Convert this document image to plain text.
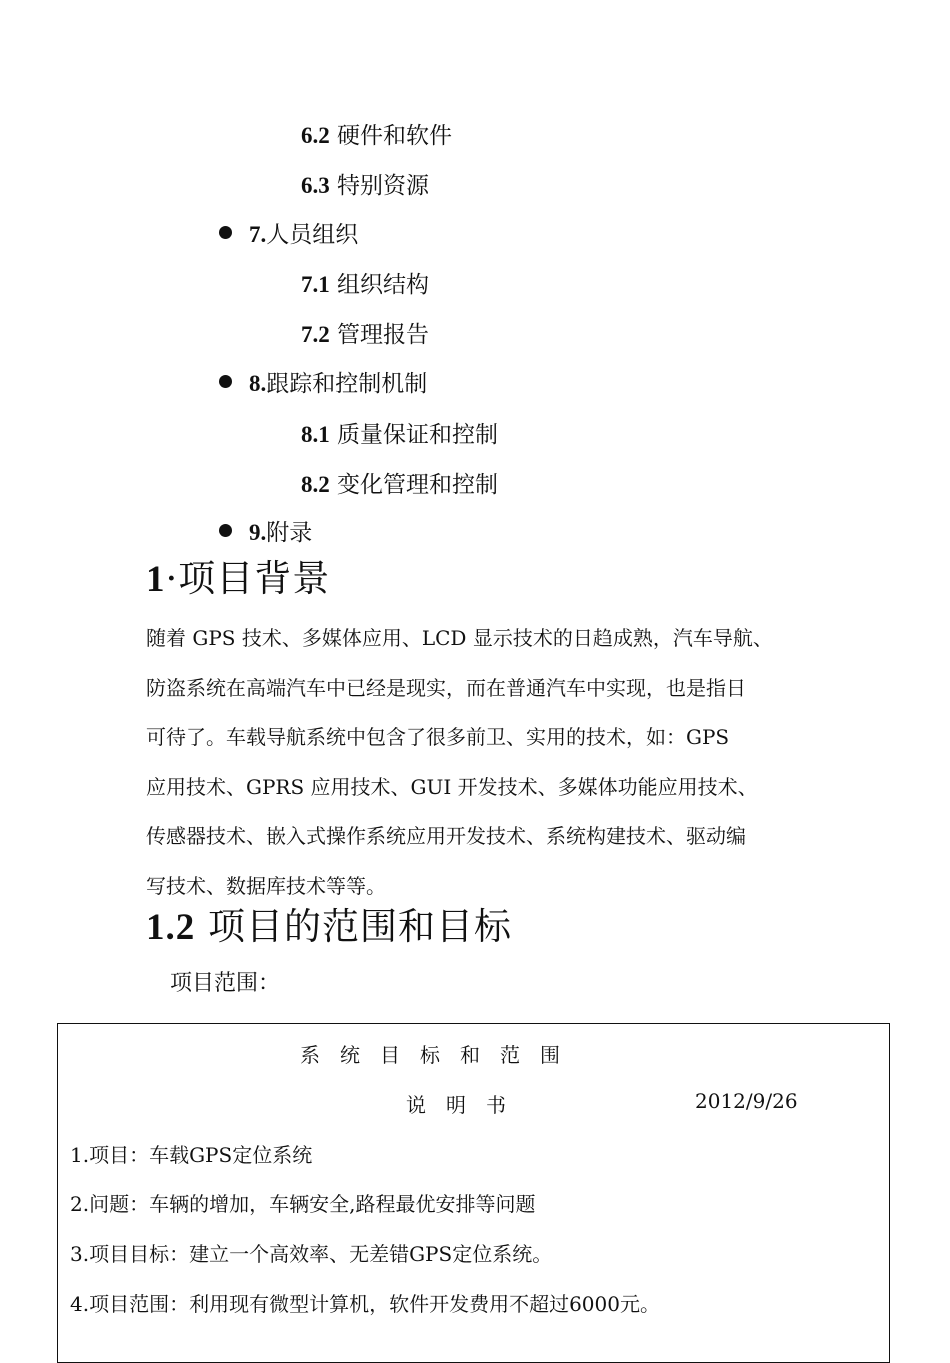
6.2 硬件和软件
6.3 特别资源
7.人员组织
7.1 组织结构
7.2 管理报告
8.跟踪和控制机制
8.1 质量保证和控制
8.2 变化管理和控制
9.附录
1·项目背景
随着 GPS 技术、多媒体应用、LCD 显示技术的日趋成熟，汽车导航、
防盗系统在高端汽车中已经是现实，而在普通汽车中实现，也是指日
可待了。车载导航系统中包含了很多前卫、实用的技术，如：GPS
应用技术、GPRS 应用技术、GUI 开发技术、多媒体功能应用技术、
传感器技术、嵌入式操作系统应用开发技术、系统构建技术、驱动编
写技术、数据库技术等等。
1.2 项目的范围和目标
项目范围：
系统目标和范围
说明书	2012/9/26
1.项目：车载GPS定位系统
2.问题：车辆的增加，车辆安全,路程最优安排等问题
3.项目目标：建立一个高效率、无差错GPS定位系统。
4.项目范围：利用现有微型计算机，软件开发费用不超过6000元。
